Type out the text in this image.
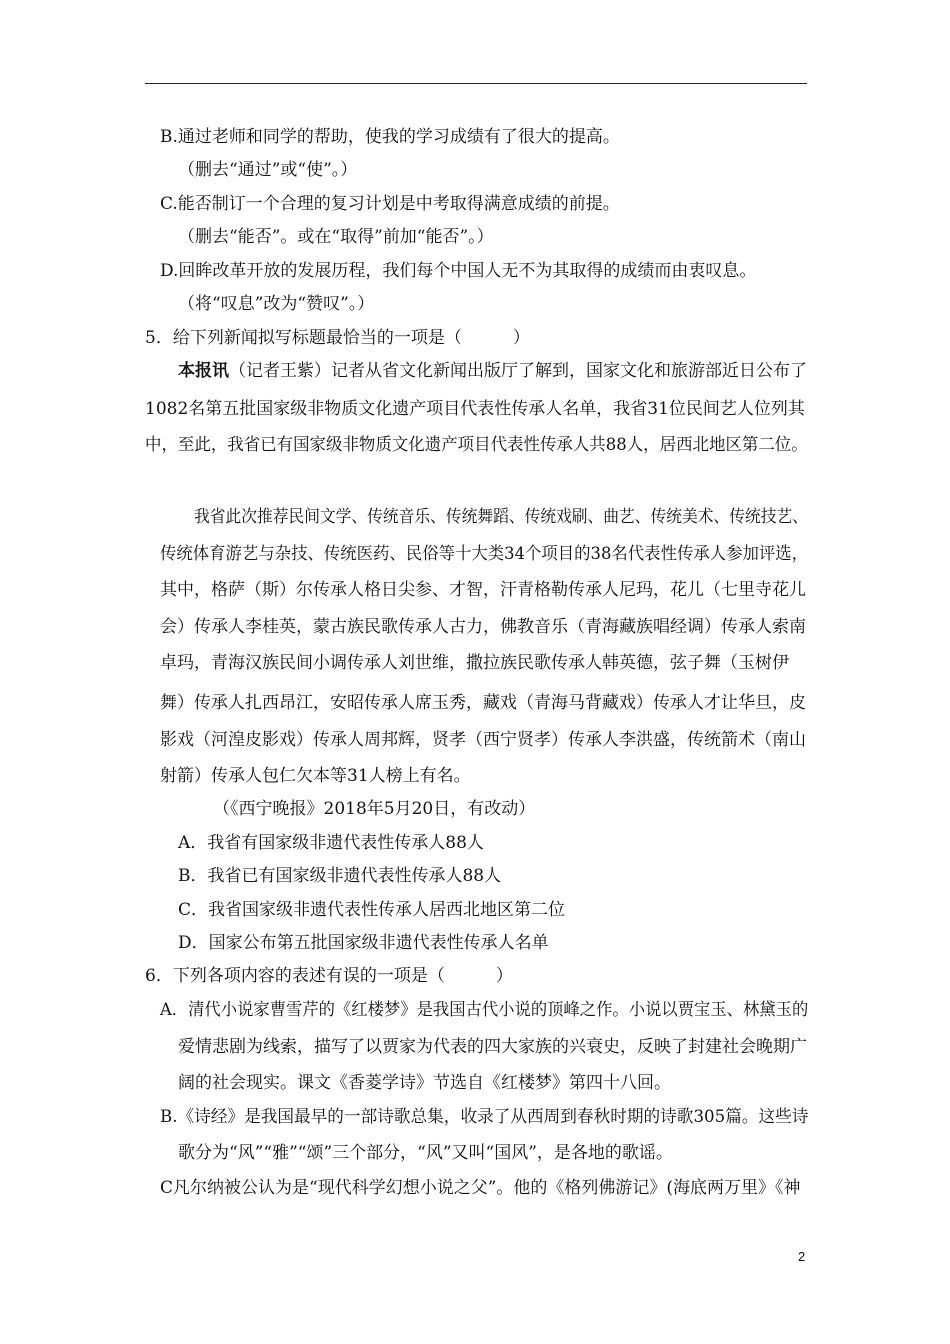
B.通过老师和同学的帮助，使我的学习成绩有了很大的提高。
（删去“通过”或“使”。）
C.能否制订一个合理的复习计划是中考取得满意成绩的前提。
（删去“能否”。或在“取得”前加“能否”。）
D.回眸改革开放的发展历程，我们每个中国人无不为其取得的成绩而由衷叹息。
（将“叹息”改为“赞叹”。）
5．给下列新闻拟写标题最恰当的一项是（　　　）
本报讯（记者王紫）记者从省文化新闻出版厅了解到，国家文化和旅游部近日公布了
1082名第五批国家级非物质文化遗产项目代表性传承人名单，我省31位民间艺人位列其
中，至此，我省已有国家级非物质文化遗产项目代表性传承人共88人，居西北地区第二位。
我省此次推荐民间文学、传统音乐、传统舞蹈、传统戏刷、曲艺、传统美术、传统技艺、
传统体育游艺与杂技、传统医药、民俗等十大类34个项目的38名代表性传承人参加评选，
其中，格萨（斯）尔传承人格日尖参、才智，汗青格勒传承人尼玛，花儿（七里寺花儿
会）传承人李桂英，蒙古族民歌传承人古力，佛教音乐（青海藏族唱经调）传承人索南
卓玛，青海汉族民间小调传承人刘世维，撒拉族民歌传承人韩英德，弦子舞（玉树伊
舞）传承人扎西昂江，安昭传承人席玉秀，藏戏（青海马背藏戏）传承人才让华旦，皮
影戏（河湟皮影戏）传承人周邦辉，贤孝（西宁贤孝）传承人李洪盛，传统箭术（南山
射箭）传承人包仁欠本等31人榜上有名。
（《西宁晚报》2018年5月20日，有改动）
A．我省有国家级非遗代表性传承人88人
B．我省已有国家级非遗代表性传承人88人
C．我省国家级非遗代表性传承人居西北地区第二位
D．国家公布第五批国家级非遗代表性传承人名单
6．下列各项内容的表述有误的一项是（　　　）
A．清代小说家曹雪芹的《红楼梦》是我国古代小说的顶峰之作。小说以贾宝玉、林黛玉的
爱情悲剧为线索，描写了以贾家为代表的四大家族的兴衰史，反映了封建社会晚期广
阔的社会现实。课文《香菱学诗》节选自《红楼梦》第四十八回。
B.《诗经》是我国最早的一部诗歌总集，收录了从西周到春秋时期的诗歌305篇。这些诗
歌分为“风”“雅”“颂”三个部分，“风”又叫“国风”，是各地的歌谣。
C凡尔纳被公认为是“现代科学幻想小说之父”。他的《格列佛游记》(海底两万里》《神
2
